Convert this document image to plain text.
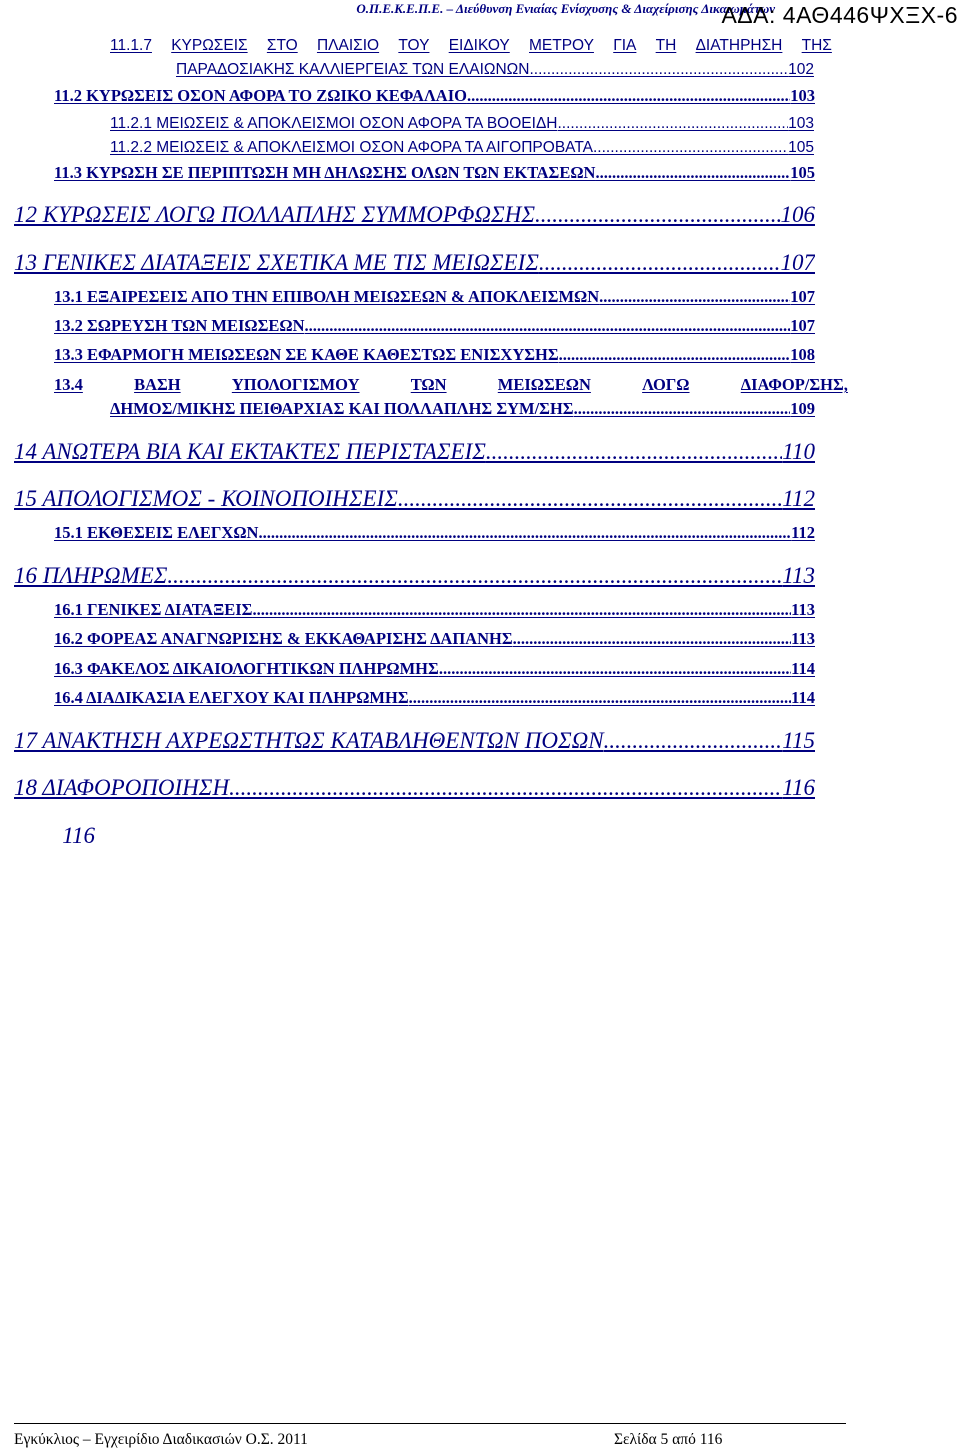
Ο.Π.Ε.Κ.Ε.Π.Ε. – Διεύθυνση Ενιαίας Ενίσχυσης & Διαχείρισης Δικαιωμάτων
ΑΔΑ: 4ΑΘ446ΨΧΞΧ-6
11.1.7 ΚΥΡΩΣΕΙΣ ΣΤΟ ΠΛΑΙΣΙΟ ΤΟΥ ΕΙΔΙΚΟΥ ΜΕΤΡΟΥ ΓΙΑ ΤΗ ΔΙΑΤΗΡΗΣΗ ΤΗΣ
ΠΑΡΑΔΟΣΙΑΚΗΣ ΚΑΛΛΙΕΡΓΕΙΑΣ ΤΩΝ ΕΛΑΙΩΝΩΝ .....	102
11.2 ΚΥΡΩΣΕΙΣ ΟΣΟΝ ΑΦΟΡΑ ΤΟ ΖΩΙΚΟ ΚΕΦΑΛΑΙΟ .....	103
11.2.1 ΜΕΙΩΣΕΙΣ & ΑΠΟΚΛΕΙΣΜΟΙ ΟΣΟΝ ΑΦΟΡΑ ΤΑ ΒΟΟΕΙΔΗ .....	103
11.2.2 ΜΕΙΩΣΕΙΣ & ΑΠΟΚΛΕΙΣΜΟΙ ΟΣΟΝ ΑΦΟΡΑ ΤΑ ΑΙΓΟΠΡΟΒΑΤΑ .....	105
11.3 ΚΥΡΩΣΗ ΣΕ ΠΕΡΙΠΤΩΣΗ ΜΗ ΔΗΛΩΣΗΣ ΟΛΩΝ ΤΩΝ ΕΚΤΑΣΕΩΝ .....	105
12 ΚΥΡΩΣΕΙΣ ΛΟΓΩ ΠΟΛΛΑΠΛΗΣ ΣΥΜΜΟΡΦΩΣΗΣ .....	106
13 ΓΕΝΙΚΕΣ ΔΙΑΤΑΞΕΙΣ ΣΧΕΤΙΚΑ ΜΕ ΤΙΣ ΜΕΙΩΣΕΙΣ .....	107
13.1 ΕΞΑΙΡΕΣΕΙΣ ΑΠΟ ΤΗΝ ΕΠΙΒΟΛΗ ΜΕΙΩΣΕΩΝ & ΑΠΟΚΛΕΙΣΜΩΝ .....	107
13.2 ΣΩΡΕΥΣΗ ΤΩΝ ΜΕΙΩΣΕΩΝ .....	107
13.3 ΕΦΑΡΜΟΓΗ ΜΕΙΩΣΕΩΝ ΣΕ ΚΑΘΕ ΚΑΘΕΣΤΩΣ ΕΝΙΣΧΥΣΗΣ .....	108
13.4	ΒΑΣΗ	ΥΠΟΛΟΓΙΣΜΟΥ	ΤΩΝ	ΜΕΙΩΣΕΩΝ	ΛΟΓΩ	ΔΙΑΦΟΡ/ΣΗΣ,
ΔΗΜΟΣ/ΜΙΚΗΣ ΠΕΙΘΑΡΧΙΑΣ ΚΑΙ ΠΟΛΛΑΠΛΗΣ ΣΥΜ/ΣΗΣ .....	109
14 ΑΝΩΤΕΡΑ ΒΙΑ ΚΑΙ ΕΚΤΑΚΤΕΣ ΠΕΡΙΣΤΑΣΕΙΣ .....	110
15 ΑΠΟΛΟΓΙΣΜΟΣ - ΚΟΙΝΟΠΟΙΗΣΕΙΣ .....	112
15.1 ΕΚΘΕΣΕΙΣ ΕΛΕΓΧΩΝ .....	112
16 ΠΛΗΡΩΜΕΣ .....	113
16.1 ΓΕΝΙΚΕΣ ΔΙΑΤΑΞΕΙΣ .....	113
16.2 ΦΟΡΕΑΣ ΑΝΑΓΝΩΡΙΣΗΣ & ΕΚΚΑΘΑΡΙΣΗΣ ΔΑΠΑΝΗΣ .....	113
16.3 ΦΑΚΕΛΟΣ ΔΙΚΑΙΟΛΟΓΗΤΙΚΩΝ ΠΛΗΡΩΜΗΣ .....	114
16.4 ΔΙΑΔΙΚΑΣΙΑ ΕΛΕΓΧΟΥ ΚΑΙ ΠΛΗΡΩΜΗΣ .....	114
17 ΑΝΑΚΤΗΣΗ ΑΧΡΕΩΣΤΗΤΩΣ ΚΑΤΑΒΛΗΘΕΝΤΩΝ ΠΟΣΩΝ .....	115
18 ΔΙΑΦΟΡΟΠΟΙΗΣΗ .....	116
116
Εγκύκλιος – Εγχειρίδιο Διαδικασιών Ο.Σ. 2011	Σελίδα 5 από 116
